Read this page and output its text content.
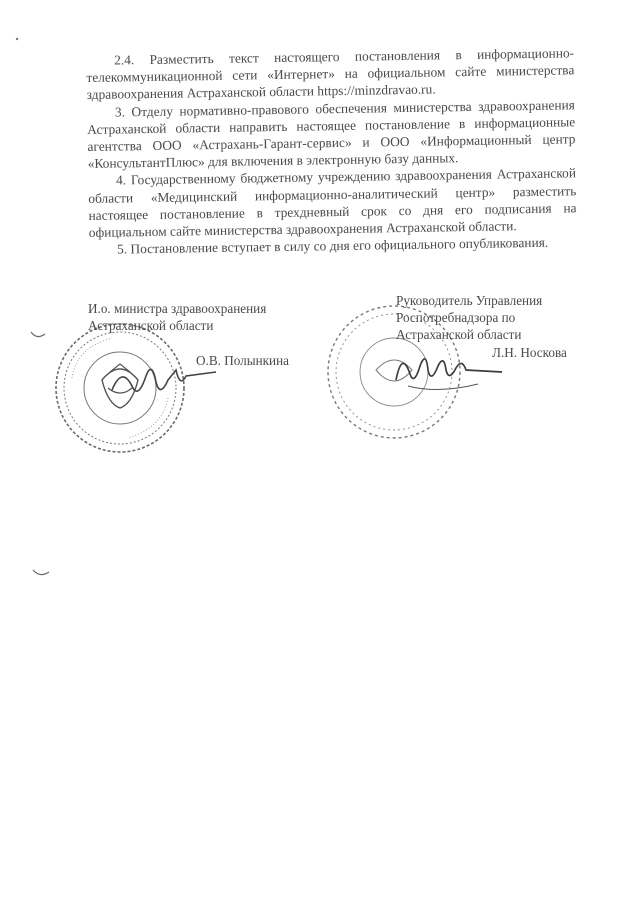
2.4. Разместить текст настоящего постановления в информационно-телекоммуникационной сети «Интернет» на официальном сайте министерства здравоохранения Астраханской области https://minzdravao.ru.

3. Отделу нормативно-правового обеспечения министерства здравоохранения Астраханской области направить настоящее постановление в информационные агентства ООО «Астрахань-Гарант-сервис» и ООО «Информационный центр «КонсультантПлюс» для включения в электронную базу данных.

4. Государственному бюджетному учреждению здравоохранения Астраханской области «Медицинский информационно-аналитический центр» разместить настоящее постановление в трехдневный срок со дня его подписания на официальном сайте министерства здравоохранения Астраханской области.

5. Постановление вступает в силу со дня его официального опубликования.

И.о. министра здравоохранения
Астраханской области
О.В. Полынкина
Руководитель Управления
Роспотребнадзора по
Астраханской области
Л.Н. Носкова
